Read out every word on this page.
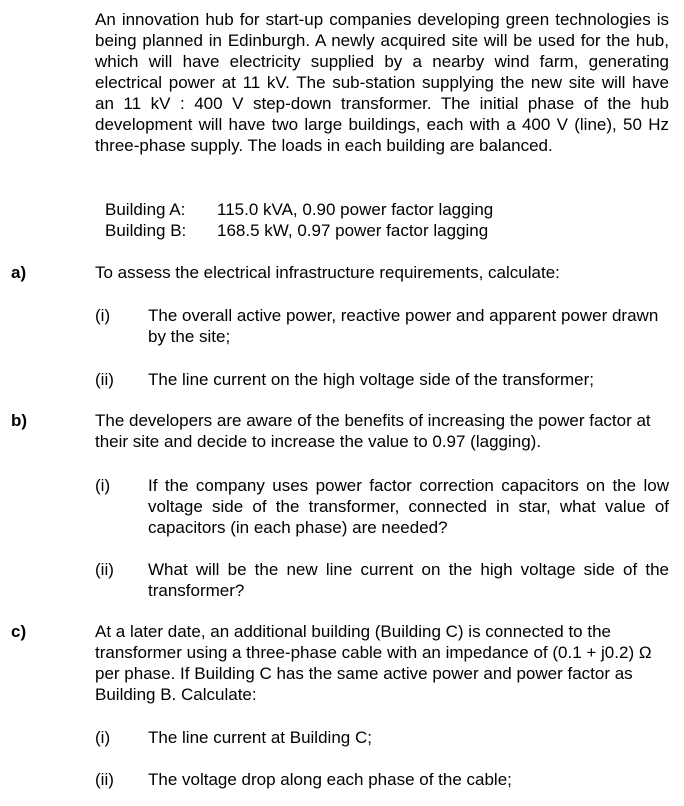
An innovation hub for start-up companies developing green technologies is being planned in Edinburgh. A newly acquired site will be used for the hub, which will have electricity supplied by a nearby wind farm, generating electrical power at 11 kV. The sub-station supplying the new site will have an 11 kV : 400 V step-down transformer. The initial phase of the hub development will have two large buildings, each with a 400 V (line), 50 Hz three-phase supply. The loads in each building are balanced.

Building A:	115.0 kVA, 0.90 power factor lagging
Building B:	168.5 kW, 0.97 power factor lagging
a)	To assess the electrical infrastructure requirements, calculate:

(i)	The overall active power, reactive power and apparent power drawn by the site;

(ii)	The line current on the high voltage side of the transformer;

b)	The developers are aware of the benefits of increasing the power factor at their site and decide to increase the value to 0.97 (lagging).

(i)	If the company uses power factor correction capacitors on the low voltage side of the transformer, connected in star, what value of capacitors (in each phase) are needed?

(ii)	What will be the new line current on the high voltage side of the transformer?

c)	At a later date, an additional building (Building C) is connected to the transformer using a three-phase cable with an impedance of (0.1 + j0.2) Ω per phase. If Building C has the same active power and power factor as Building B. Calculate:

(i)	The line current at Building C;

(ii)	The voltage drop along each phase of the cable;
